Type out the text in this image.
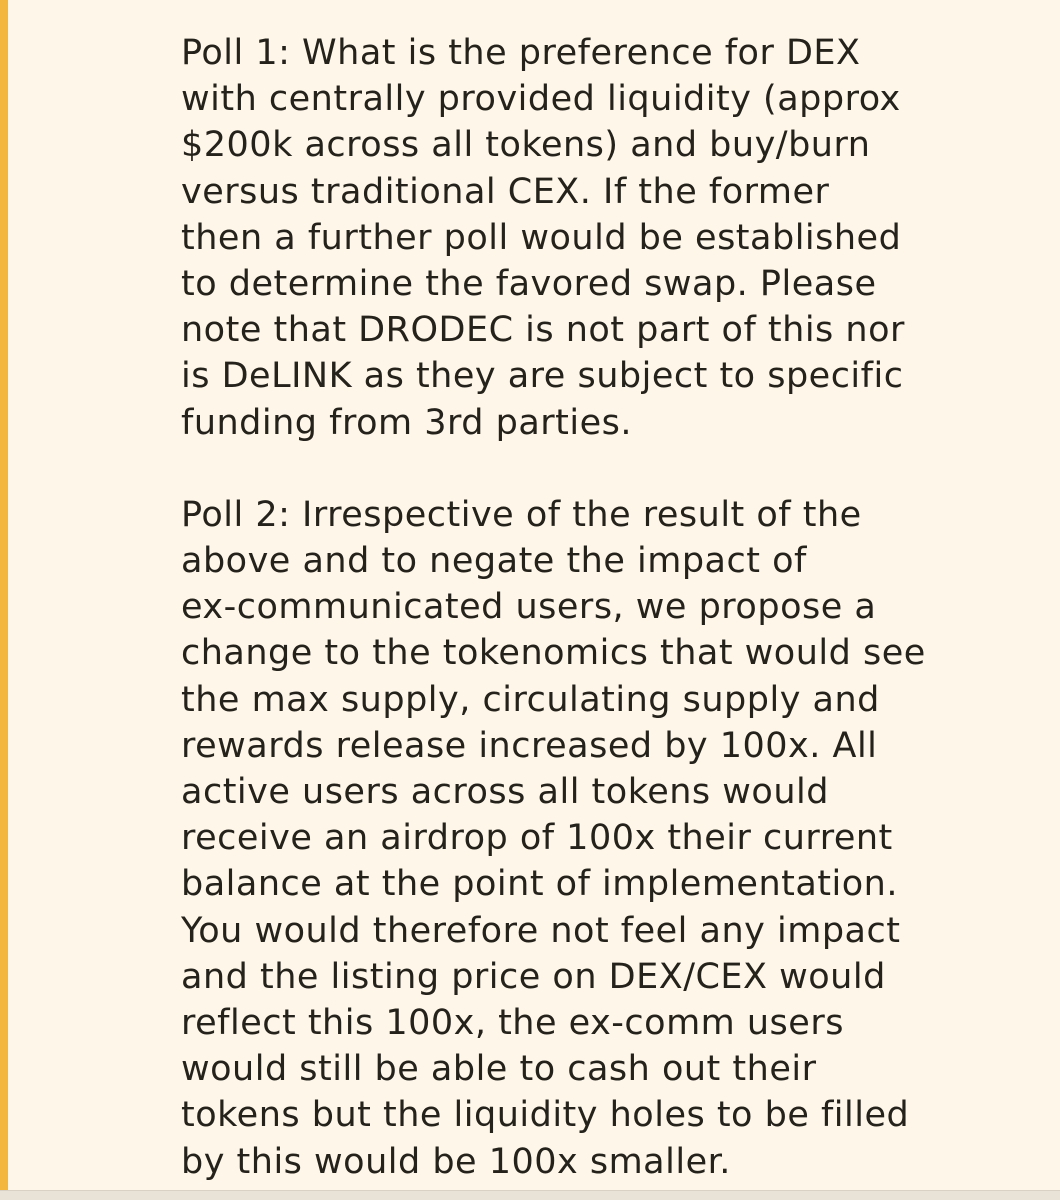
Poll 1: What is the preference for DEX
with centrally provided liquidity (approx
$200k across all tokens) and buy/burn
versus traditional CEX. If the former
then a further poll would be established
to determine the favored swap. Please
note that DRODEC is not part of this nor
is DeLINK as they are subject to specific
funding from 3rd parties.

Poll 2: Irrespective of the result of the
above and to negate the impact of
ex-communicated users, we propose a
change to the tokenomics that would see
the max supply, circulating supply and
rewards release increased by 100x. All
active users across all tokens would
receive an airdrop of 100x their current
balance at the point of implementation.
You would therefore not feel any impact
and the listing price on DEX/CEX would
reflect this 100x, the ex-comm users
would still be able to cash out their
tokens but the liquidity holes to be filled
by this would be 100x smaller.
